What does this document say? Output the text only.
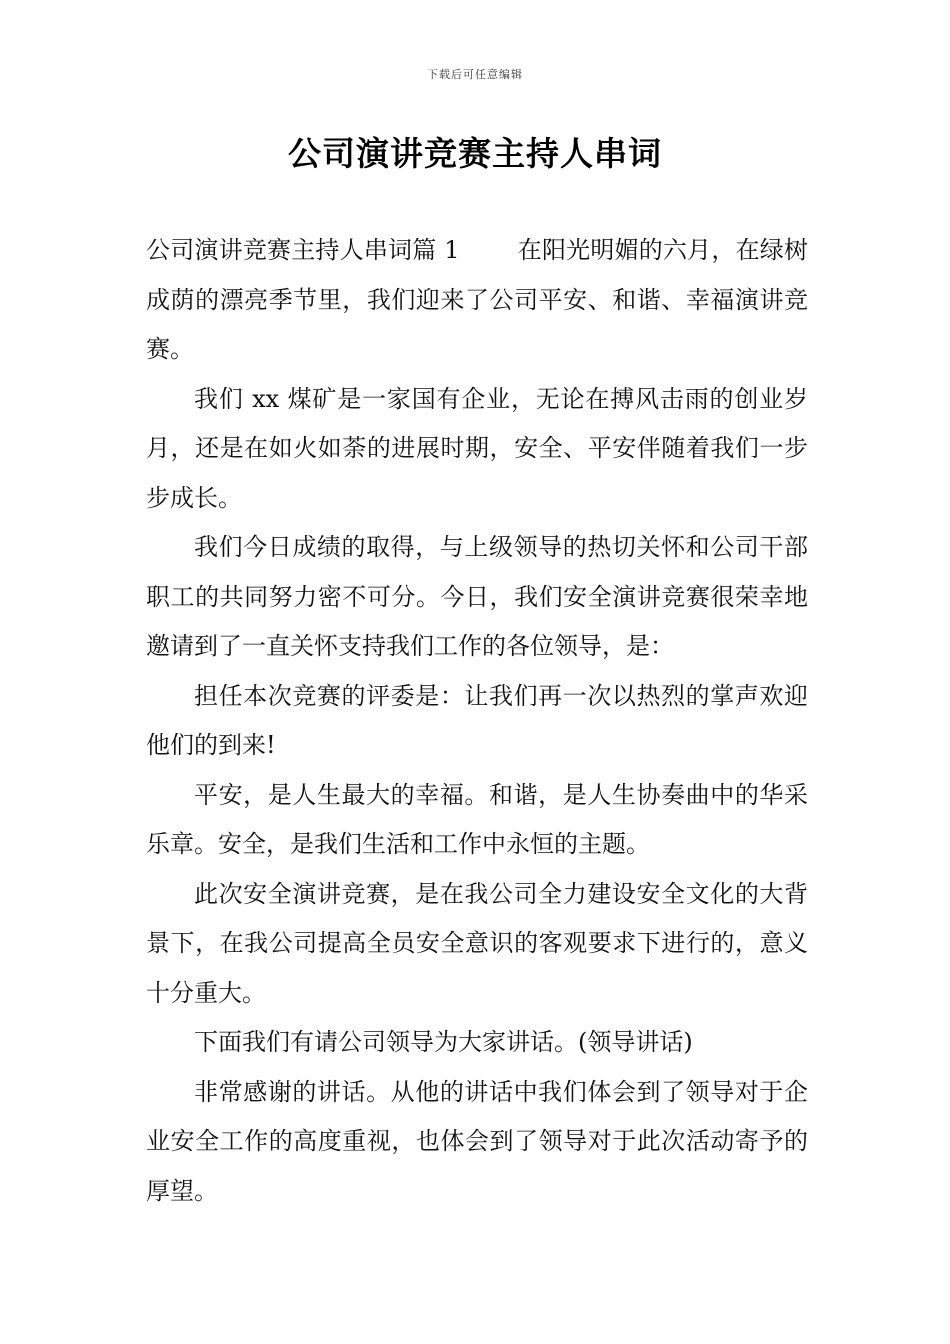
下载后可任意编辑
公司演讲竞赛主持人串词

公司演讲竞赛主持人串词篇 1 在阳光明媚的六月，在绿树成荫的漂亮季节里，我们迎来了公司平安、和谐、幸福演讲竞赛。

我们 xx 煤矿是一家国有企业，无论在搏风击雨的创业岁月，还是在如火如荼的进展时期，安全、平安伴随着我们一步步成长。

我们今日成绩的取得，与上级领导的热切关怀和公司干部职工的共同努力密不可分。今日，我们安全演讲竞赛很荣幸地邀请到了一直关怀支持我们工作的各位领导，是：

担任本次竞赛的评委是：让我们再一次以热烈的掌声欢迎他们的到来!

平安，是人生最大的幸福。和谐，是人生协奏曲中的华采乐章。安全，是我们生活和工作中永恒的主题。

此次安全演讲竞赛，是在我公司全力建设安全文化的大背景下，在我公司提高全员安全意识的客观要求下进行的，意义十分重大。

下面我们有请公司领导为大家讲话。(领导讲话)

非常感谢的讲话。从他的讲话中我们体会到了领导对于企业安全工作的高度重视，也体会到了领导对于此次活动寄予的厚望。
